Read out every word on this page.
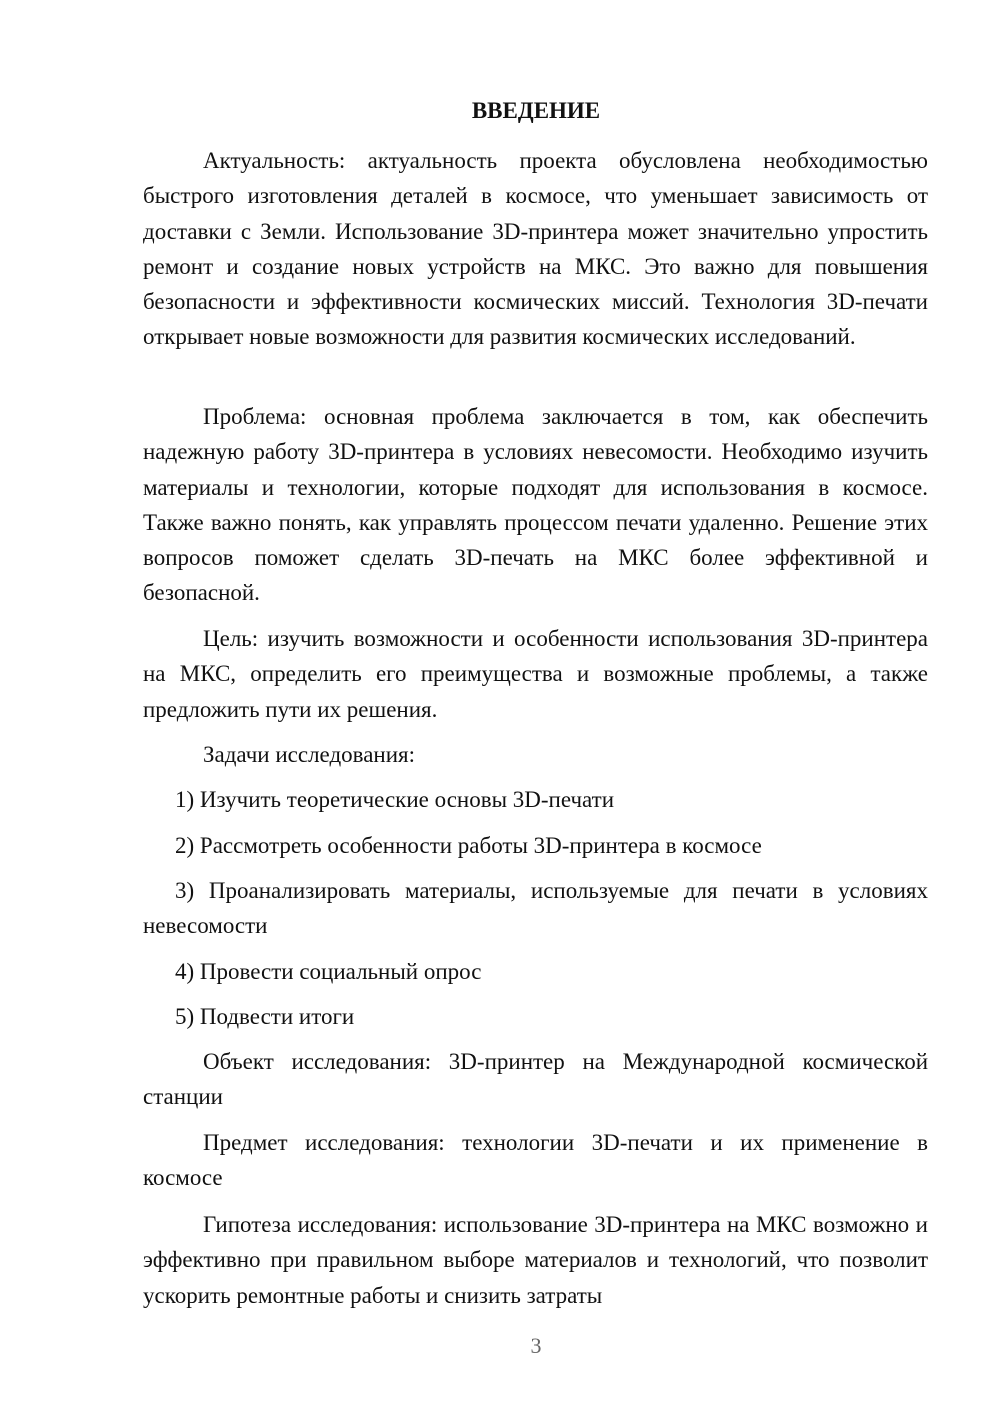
ВВЕДЕНИЕ

Актуальность: актуальность проекта обусловлена необходимостью быстрого изготовления деталей в космосе, что уменьшает зависимость от доставки с Земли. Использование 3D-принтера может значительно упростить ремонт и создание новых устройств на МКС. Это важно для повышения безопасности и эффективности космических миссий. Технология 3D-печати открывает новые возможности для развития космических исследований.

Проблема: основная проблема заключается в том, как обеспечить надежную работу 3D-принтера в условиях невесомости. Необходимо изучить материалы и технологии, которые подходят для использования в космосе. Также важно понять, как управлять процессом печати удаленно. Решение этих вопросов поможет сделать 3D-печать на МКС более эффективной и безопасной.

Цель: изучить возможности и особенности использования 3D-принтера на МКС, определить его преимущества и возможные проблемы, а также предложить пути их решения.

Задачи исследования:

1) Изучить теоретические основы 3D-печати

2) Рассмотреть особенности работы 3D-принтера в космосе

3) Проанализировать материалы, используемые для печати в условиях невесомости

4) Провести социальный опрос

5) Подвести итоги

Объект исследования: 3D-принтер на Международной космической станции

Предмет исследования: технологии 3D-печати и их применение в космосе

Гипотеза исследования: использование 3D-принтера на МКС возможно и эффективно при правильном выборе материалов и технологий, что позволит ускорить ремонтные работы и снизить затраты

3
